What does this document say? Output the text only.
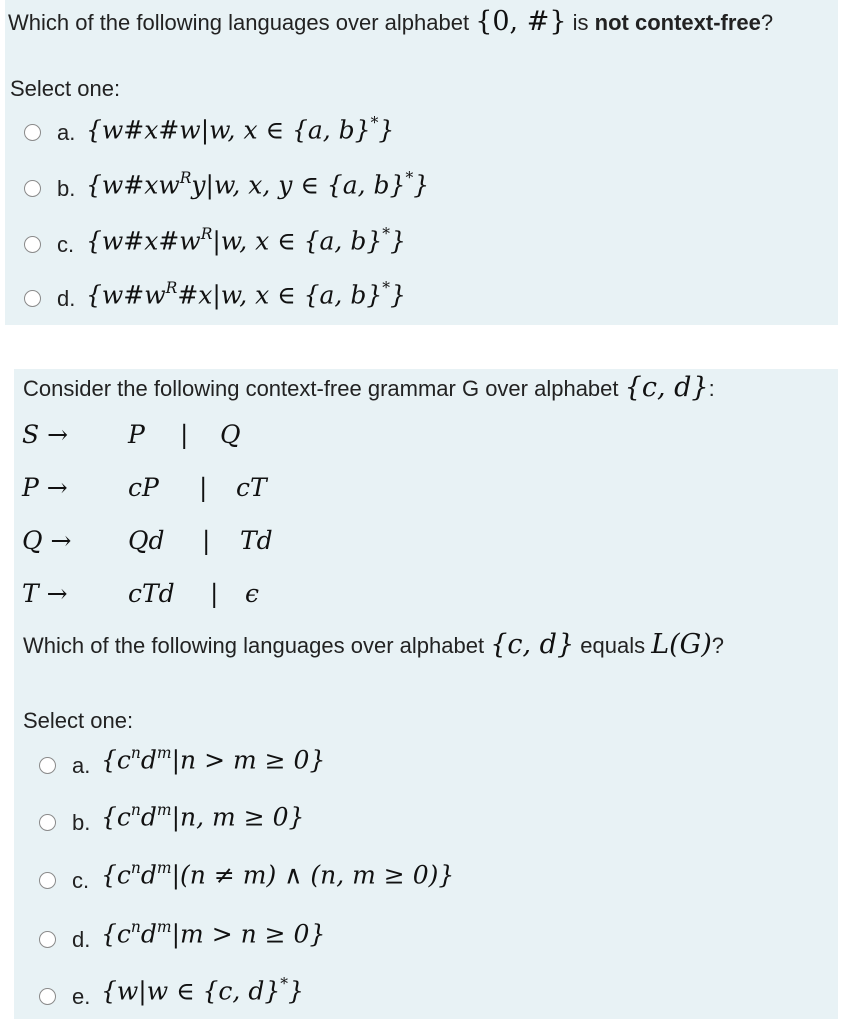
Which of the following languages over alphabet {0, #} is not context-free?
Select one:
a. {w#x#w|w, x ∈ {a, b}*}
b. {$w\#xw^Ry|w$, x, y ∈ {a, b}*}
c. {$w\#x\#w^R|w$, x ∈ {a, b}*}
d. {$w\#w^R\#x|w$, x ∈ {a, b}*}
Consider the following context-free grammar G over alphabet {c, d}:
S → P | Q
P → cP | cT
Q → Qd | Td
T → cTd | ϵ
Which of the following languages over alphabet {c, d} equals L(G)?
Select one:
a. $\{c^nd^m|n > m \ge 0\}$
b. {$c^nd^m|n$, m ≥ 0}
c. {$c^nd^m|(n \ne m)$ ∧ (n, m ≥ 0)}
d. $\{c^nd^m|m > n \ge 0\}$
e. {w|w ∈ {c, d}*}
